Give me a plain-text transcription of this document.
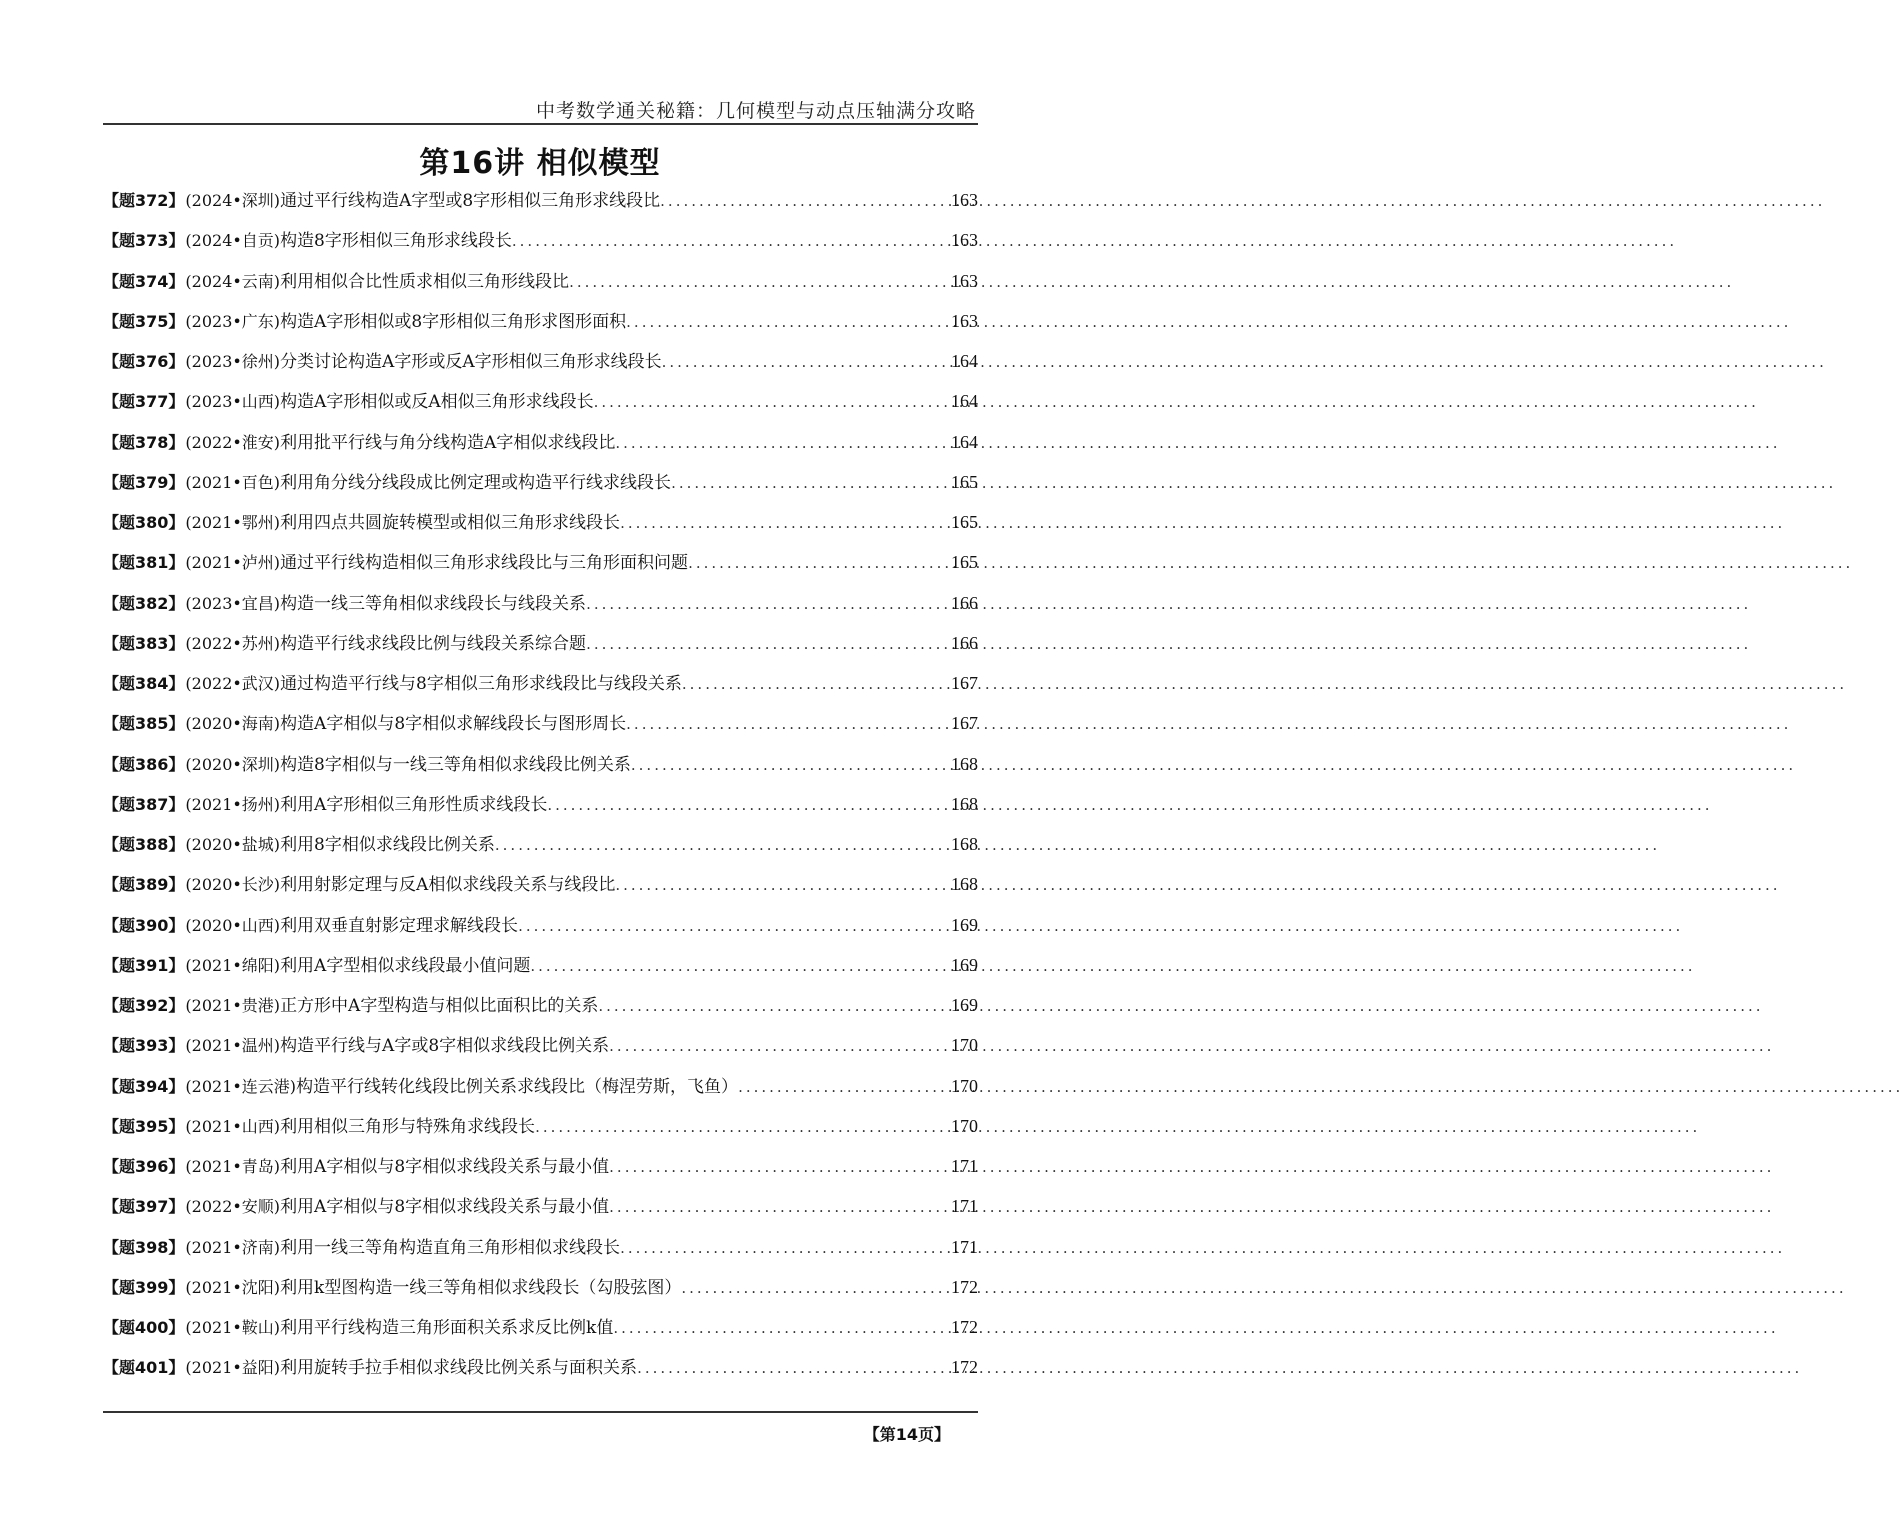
中考数学通关秘籍：几何模型与动点压轴满分攻略
第16讲 相似模型
【题372】 (2024•深圳) 通过平行线构造A字型或8字形相似三角形求线段比 .....	163
【题373】 (2024•自贡) 构造8字形相似三角形求线段长 .....	163
【题374】 (2024•云南) 利用相似合比性质求相似三角形线段比 .....	163
【题375】 (2023•广东) 构造A字形相似或8字形相似三角形求图形面积 .....	163
【题376】 (2023•徐州) 分类讨论构造A字形或反A字形相似三角形求线段长 .....	164
【题377】 (2023•山西) 构造A字形相似或反A相似三角形求线段长 .....	164
【题378】 (2022•淮安) 利用批平行线与角分线构造A字相似求线段比 .....	164
【题379】 (2021•百色) 利用角分线分线段成比例定理或构造平行线求线段长 .....	165
【题380】 (2021•鄂州) 利用四点共圆旋转模型或相似三角形求线段长 .....	165
【题381】 (2021•泸州) 通过平行线构造相似三角形求线段比与三角形面积问题 .....	165
【题382】 (2023•宜昌) 构造一线三等角相似求线段长与线段关系 .....	166
【题383】 (2022•苏州) 构造平行线求线段比例与线段关系综合题 .....	166
【题384】 (2022•武汉) 通过构造平行线与8字相似三角形求线段比与线段关系 .....	167
【题385】 (2020•海南) 构造A字相似与8字相似求解线段长与图形周长 .....	167
【题386】 (2020•深圳) 构造8字相似与一线三等角相似求线段比例关系 .....	168
【题387】 (2021•扬州) 利用A字形相似三角形性质求线段长 .....	168
【题388】 (2020•盐城) 利用8字相似求线段比例关系 .....	168
【题389】 (2020•长沙) 利用射影定理与反A相似求线段关系与线段比 .....	168
【题390】 (2020•山西) 利用双垂直射影定理求解线段长 .....	169
【题391】 (2021•绵阳) 利用A字型相似求线段最小值问题 .....	169
【题392】 (2021•贵港) 正方形中A字型构造与相似比面积比的关系 .....	169
【题393】 (2021•温州) 构造平行线与A字或8字相似求线段比例关系 .....	170
【题394】 (2021•连云港) 构造平行线转化线段比例关系求线段比（梅涅劳斯，飞鱼） .....	170
【题395】 (2021•山西) 利用相似三角形与特殊角求线段长 .....	170
【题396】 (2021•青岛) 利用A字相似与8字相似求线段关系与最小值 .....	171
【题397】 (2022•安顺) 利用A字相似与8字相似求线段关系与最小值 .....	171
【题398】 (2021•济南) 利用一线三等角构造直角三角形相似求线段长 .....	171
【题399】 (2021•沈阳) 利用k型图构造一线三等角相似求线段长（勾股弦图） .....	172
【题400】 (2021•鞍山) 利用平行线构造三角形面积关系求反比例k值 .....	172
【题401】 (2021•益阳) 利用旋转手拉手相似求线段比例关系与面积关系 .....	172
【第14页】
